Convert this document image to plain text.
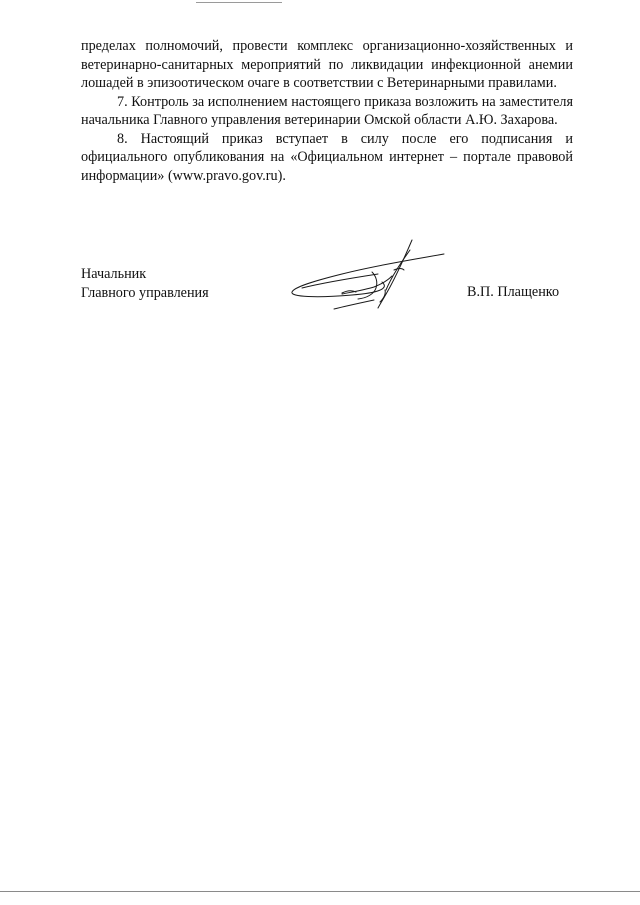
пределах полномочий, провести комплекс организационно-хозяйственных и ветеринарно-санитарных мероприятий по ликвидации инфекционной анемии лошадей в эпизоотическом очаге в соответствии с Ветеринарными правилами.

7. Контроль за исполнением настоящего приказа возложить на заместителя начальника Главного управления ветеринарии Омской области А.Ю. Захарова.

8. Настоящий приказ вступает в силу после его подписания и официального опубликования на «Официальном интернет – портале правовой информации» (www.pravo.gov.ru).

Начальник
Главного управления	В.П. Плащенко
